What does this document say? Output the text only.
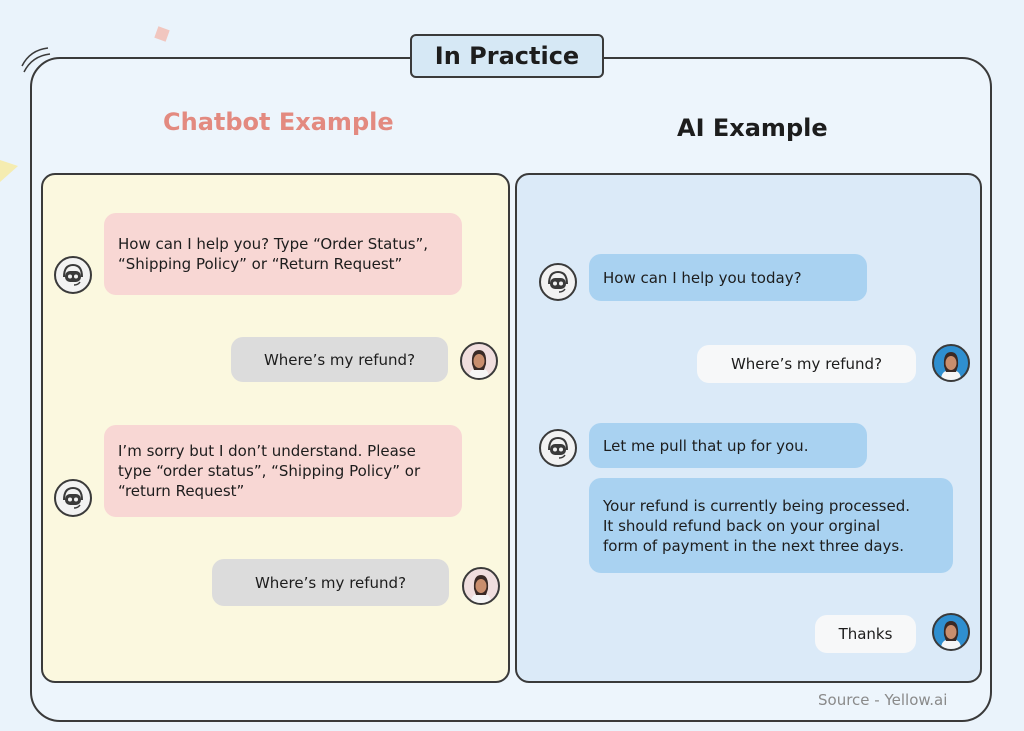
In Practice
Chatbot Example	AI Example
How can I help you? Type “Order Status”,
“Shipping Policy” or “Return Request”
Where’s my refund?
I’m sorry but I don’t understand. Please
type “order status”, “Shipping Policy” or
“return Request”
Where’s my refund?
How can I help you today?
Where’s my refund?
Let me pull that up for you.
Your refund is currently being processed.
It should refund back on your orginal
form of payment in the next three days.
Thanks
Source - Yellow.ai
